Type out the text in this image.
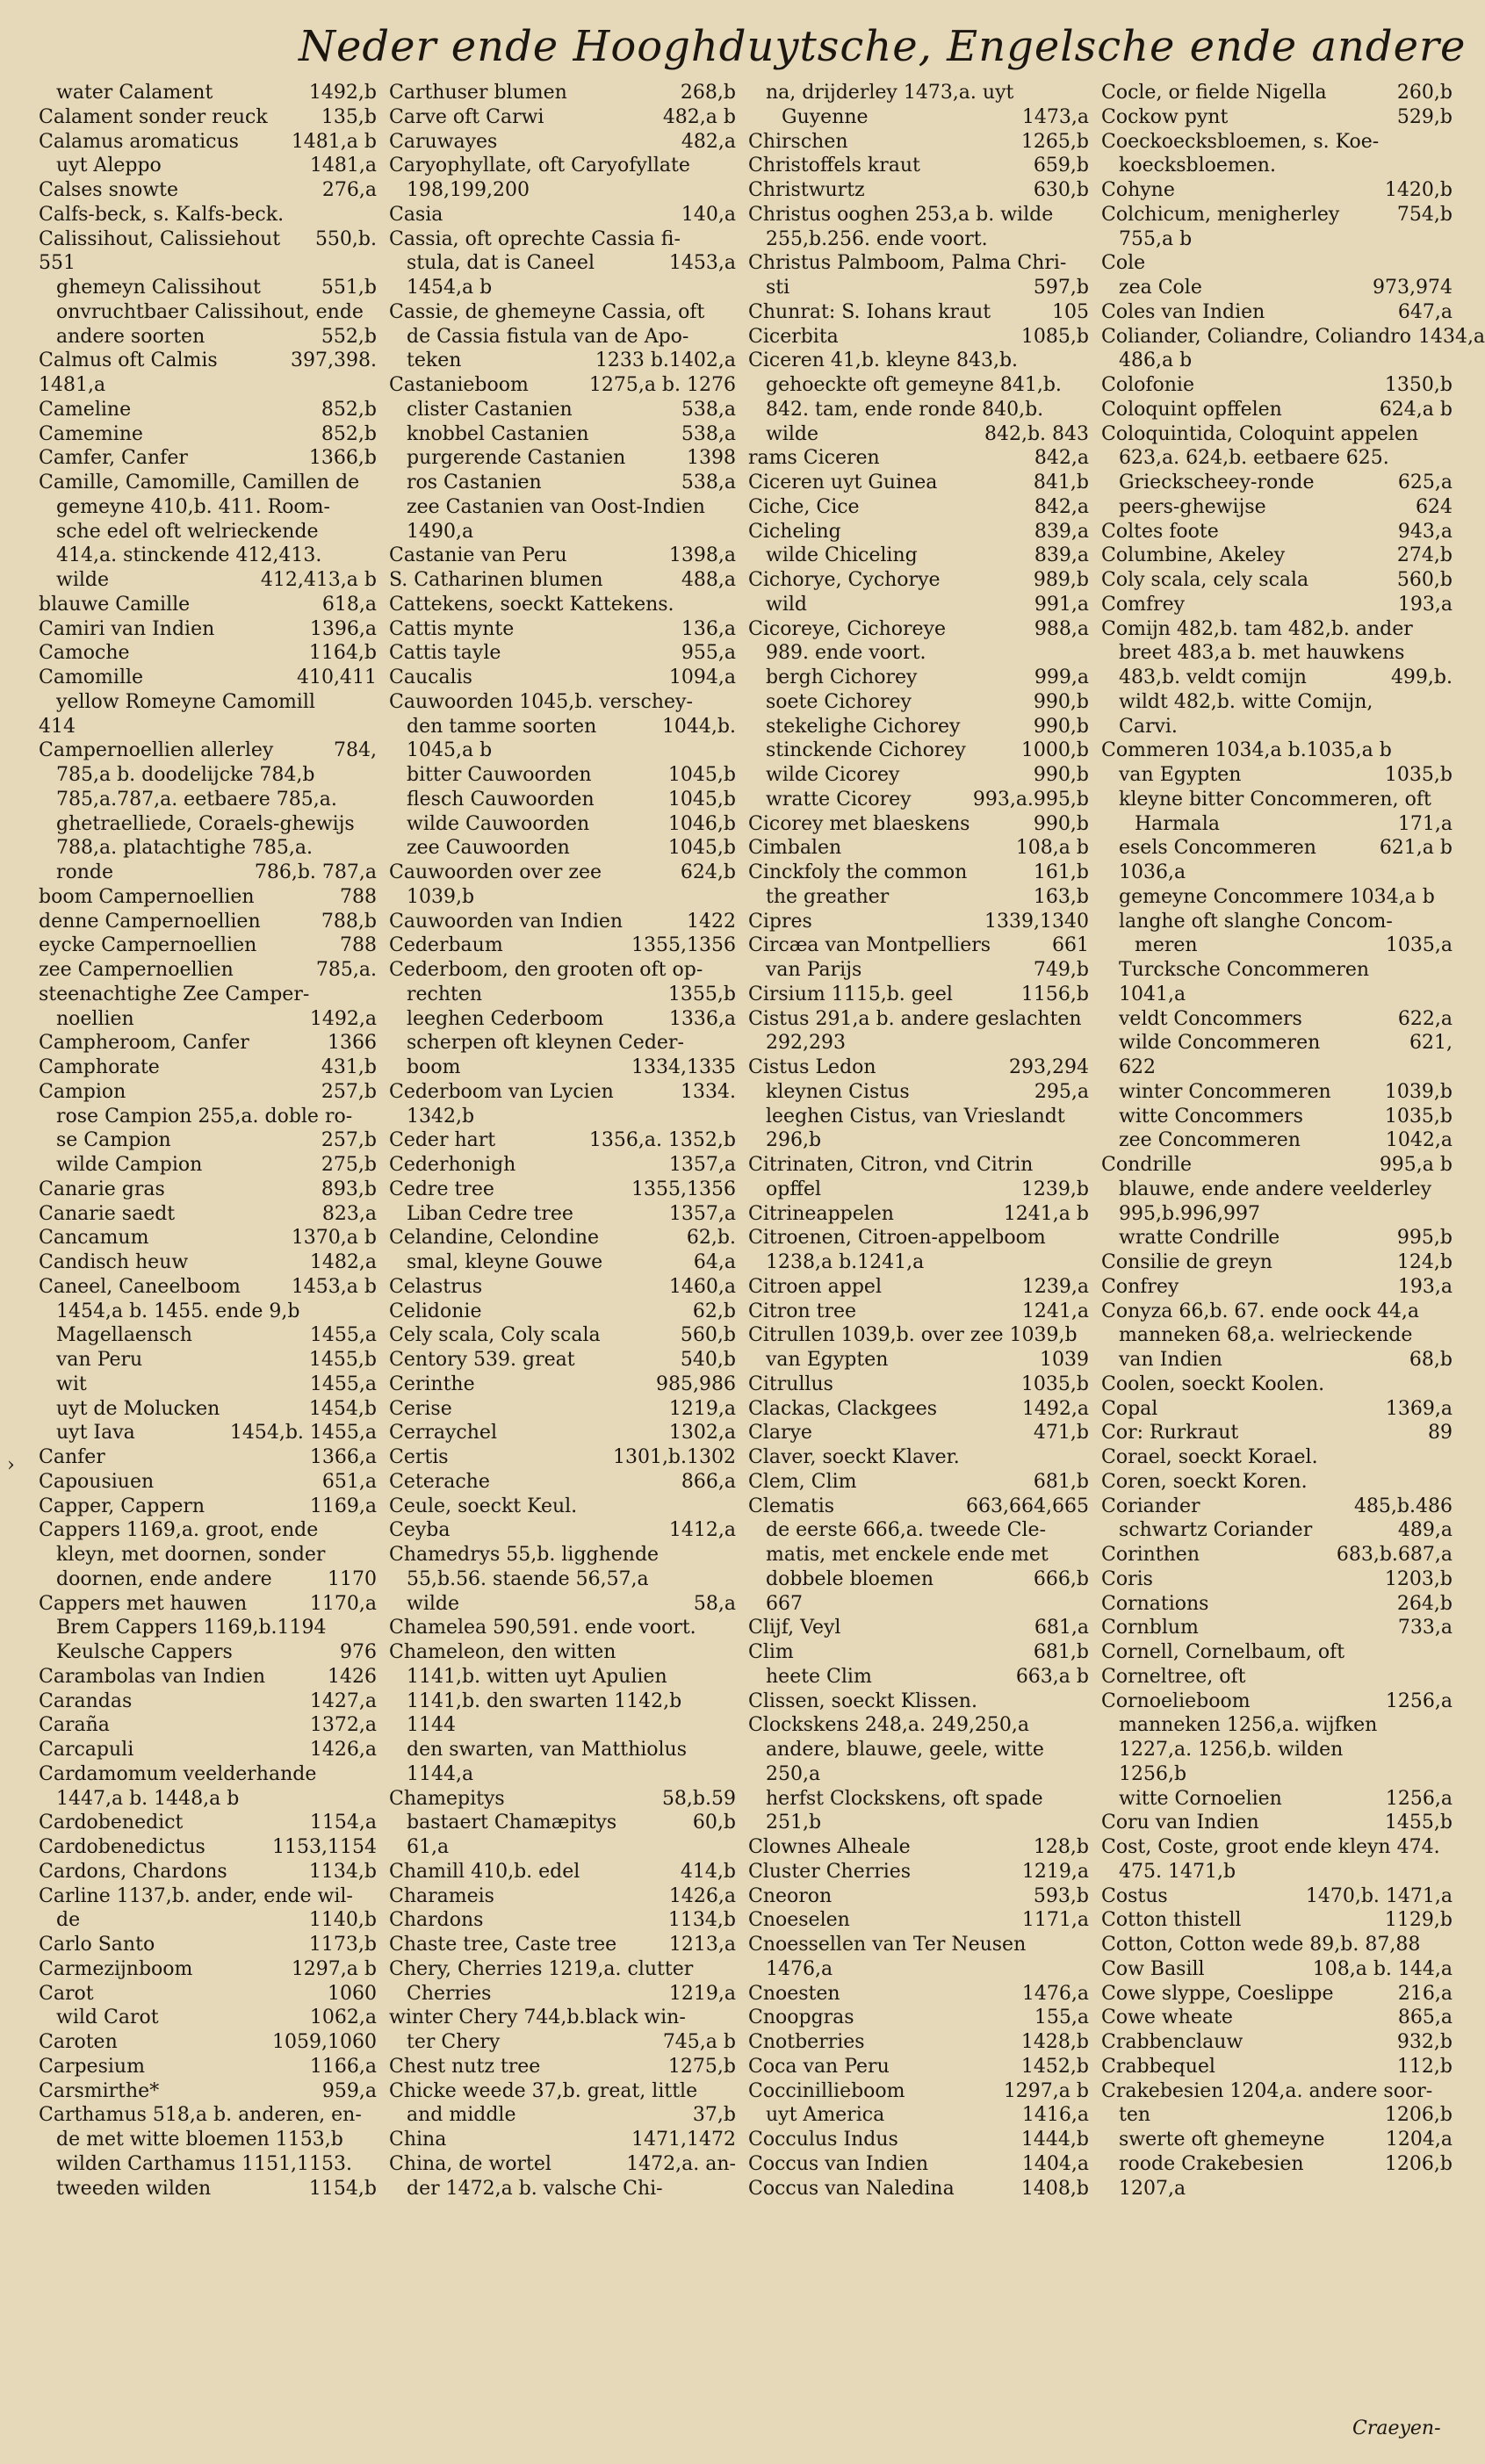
Neder ende Hooghduytsche, Engelsche ende andere
water Calament	1492,b
Calament sonder reuck	135,b
Calamus aromaticus	1481,a b
uyt Aleppo	1481,a
Calses snowte	276,a
Calfs-beck, s. Kalfs-beck.
Calissihout, Calissiehout	550,b.
551
ghemeyn Calissihout	551,b
onvruchtbaer Calissihout, ende
andere soorten	552,b
Calmus oft Calmis	397,398.
1481,a
Cameline	852,b
Camemine	852,b
Camfer, Canfer	1366,b
Camille, Camomille, Camillen de
gemeyne 410,b. 411. Room-
sche edel oft welrieckende
414,a. stinckende 412,413.
wilde	412,413,a b
blauwe Camille	618,a
Camiri van Indien	1396,a
Camoche	1164,b
Camomille	410,411
yellow Romeyne Camomill
414
Campernoellien allerley	784,
785,a b. doodelijcke 784,b
785,a.787,a. eetbaere 785,a.
ghetraelliede, Coraels-ghewijs
788,a. platachtighe 785,a.
ronde	786,b. 787,a
boom Campernoellien	788
denne Campernoellien	788,b
eycke Campernoellien	788
zee Campernoellien	785,a.
steenachtighe Zee Camper-
noellien	1492,a
Campheroom, Canfer	1366
Camphorate	431,b
Campion	257,b
rose Campion 255,a. doble ro-
se Campion	257,b
wilde Campion	275,b
Canarie gras	893,b
Canarie saedt	823,a
Cancamum	1370,a b
Candisch heuw	1482,a
Caneel, Caneelboom	1453,a b
1454,a b. 1455. ende 9,b
Magellaensch	1455,a
van Peru	1455,b
wit	1455,a
uyt de Molucken	1454,b
uyt Iava	1454,b. 1455,a
Canfer	1366,a
Capousiuen	651,a
Capper, Cappern	1169,a
Cappers 1169,a. groot, ende
kleyn, met doornen, sonder
doornen, ende andere	1170
Cappers met hauwen	1170,a
Brem Cappers 1169,b.1194
Keulsche Cappers	976
Carambolas van Indien	1426
Carandas	1427,a
Caraña	1372,a
Carcapuli	1426,a
Cardamomum veelderhande
1447,a b. 1448,a b
Cardobenedict	1154,a
Cardobenedictus	1153,1154
Cardons, Chardons	1134,b
Carline 1137,b. ander, ende wil-
de	1140,b
Carlo Santo	1173,b
Carmezijnboom	1297,a b
Carot	1060
wild Carot	1062,a
Caroten	1059,1060
Carpesium	1166,a
Carsmirthe*	959,a
Carthamus 518,a b. anderen, en-
de met witte bloemen 1153,b
wilden Carthamus 1151,1153.
tweeden wilden	1154,b
Carthuser blumen	268,b
Carve oft Carwi	482,a b
Caruwayes	482,a
Caryophyllate, oft Caryofyllate
198,199,200
Casia	140,a
Cassia, oft oprechte Cassia fi-
stula, dat is Caneel	1453,a
1454,a b
Cassie, de ghemeyne Cassia, oft
de Cassia fistula van de Apo-
teken	1233 b.1402,a
Castanieboom	1275,a b. 1276
clister Castanien	538,a
knobbel Castanien	538,a
purgerende Castanien	1398
ros Castanien	538,a
zee Castanien van Oost-Indien
1490,a
Castanie van Peru	1398,a
S. Catharinen blumen	488,a
Cattekens, soeckt Kattekens.
Cattis mynte	136,a
Cattis tayle	955,a
Caucalis	1094,a
Cauwoorden 1045,b. verschey-
den tamme soorten	1044,b.
1045,a b
bitter Cauwoorden	1045,b
flesch Cauwoorden	1045,b
wilde Cauwoorden	1046,b
zee Cauwoorden	1045,b
Cauwoorden over zee	624,b
1039,b
Cauwoorden van Indien	1422
Cederbaum	1355,1356
Cederboom, den grooten oft op-
rechten	1355,b
leeghen Cederboom	1336,a
scherpen oft kleynen Ceder-
boom	1334,1335
Cederboom van Lycien	1334.
1342,b
Ceder hart	1356,a. 1352,b
Cederhonigh	1357,a
Cedre tree	1355,1356
Liban Cedre tree	1357,a
Celandine, Celondine	62,b.
smal, kleyne Gouwe	64,a
Celastrus	1460,a
Celidonie	62,b
Cely scala, Coly scala	560,b
Centory 539. great	540,b
Cerinthe	985,986
Cerise	1219,a
Cerraychel	1302,a
Certis	1301,b.1302
Ceterache	866,a
Ceule, soeckt Keul.
Ceyba	1412,a
Chamedrys 55,b. ligghende
55,b.56. staende 56,57,a
wilde	58,a
Chamelea 590,591. ende voort.
Chameleon, den witten
1141,b. witten uyt Apulien
1141,b. den swarten 1142,b
1144
den swarten, van Matthiolus
1144,a
Chamepitys	58,b.59
bastaert Chamæpitys	60,b
61,a
Chamill 410,b. edel	414,b
Charameis	1426,a
Chardons	1134,b
Chaste tree, Caste tree	1213,a
Chery, Cherries 1219,a. clutter
Cherries	1219,a
winter Chery 744,b.black win-
ter Chery	745,a b
Chest nutz tree	1275,b
Chicke weede 37,b. great, little
and middle	37,b
China	1471,1472
China, de wortel	1472,a. an-
der 1472,a b. valsche Chi-
na, drijderley 1473,a. uyt
Guyenne	1473,a
Chirschen	1265,b
Christoffels kraut	659,b
Christwurtz	630,b
Christus ooghen 253,a b. wilde
255,b.256. ende voort.
Christus Palmboom, Palma Chri-
sti	597,b
Chunrat: S. Iohans kraut	105
Cicerbita	1085,b
Ciceren 41,b. kleyne 843,b.
gehoeckte oft gemeyne 841,b.
842. tam, ende ronde 840,b.
wilde	842,b. 843
rams Ciceren	842,a
Ciceren uyt Guinea	841,b
Ciche, Cice	842,a
Cicheling	839,a
wilde Chiceling	839,a
Cichorye, Cychorye	989,b
wild	991,a
Cicoreye, Cichoreye	988,a
989. ende voort.
bergh Cichorey	999,a
soete Cichorey	990,b
stekelighe Cichorey	990,b
stinckende Cichorey	1000,b
wilde Cicorey	990,b
wratte Cicorey	993,a.995,b
Cicorey met blaeskens	990,b
Cimbalen	108,a b
Cinckfoly the common	161,b
the greather	163,b
Cipres	1339,1340
Circæa van Montpelliers	661
van Parijs	749,b
Cirsium 1115,b. geel	1156,b
Cistus 291,a b. andere geslachten
292,293
Cistus Ledon	293,294
kleynen Cistus	295,a
leeghen Cistus, van Vrieslandt
296,b
Citrinaten, Citron, vnd Citrin
opffel	1239,b
Citrineappelen	1241,a b
Citroenen, Citroen-appelboom
1238,a b.1241,a
Citroen appel	1239,a
Citron tree	1241,a
Citrullen 1039,b. over zee 1039,b
van Egypten	1039
Citrullus	1035,b
Clackas, Clackgees	1492,a
Clarye	471,b
Claver, soeckt Klaver.
Clem, Clim	681,b
Clematis	663,664,665
de eerste 666,a. tweede Cle-
matis, met enckele ende met
dobbele bloemen	666,b
667
Clijf, Veyl	681,a
Clim	681,b
heete Clim	663,a b
Clissen, soeckt Klissen.
Clockskens 248,a. 249,250,a
andere, blauwe, geele, witte
250,a
herfst Clockskens, oft spade
251,b
Clownes Alheale	128,b
Cluster Cherries	1219,a
Cneoron	593,b
Cnoeselen	1171,a
Cnoessellen van Ter Neusen
1476,a
Cnoesten	1476,a
Cnoopgras	155,a
Cnotberries	1428,b
Coca van Peru	1452,b
Coccinillieboom	1297,a b
uyt America	1416,a
Cocculus Indus	1444,b
Coccus van Indien	1404,a
Coccus van Naledina	1408,b
Cocle, or fielde Nigella	260,b
Cockow pynt	529,b
Coeckoecksbloemen, s. Koe-
koecksbloemen.
Cohyne	1420,b
Colchicum, menigherley	754,b
755,a b
Cole
zea Cole	973,974
Coles van Indien	647,a
Coliander, Coliandre, Coliandro 1434,a
486,a b
Colofonie	1350,b
Coloquint opffelen	624,a b
Coloquintida, Coloquint appelen
623,a. 624,b. eetbaere 625.
Grieckscheey-ronde	625,a
peers-ghewijse	624
Coltes foote	943,a
Columbine, Akeley	274,b
Coly scala, cely scala	560,b
Comfrey	193,a
Comijn 482,b. tam 482,b. ander
breet 483,a b. met hauwkens
483,b. veldt comijn	499,b.
wildt 482,b. witte Comijn,
Carvi.
Commeren 1034,a b.1035,a b
van Egypten	1035,b
kleyne bitter Concommeren, oft
Harmala	171,a
esels Concommeren	621,a b
1036,a
gemeyne Concommere 1034,a b
langhe oft slanghe Concom-
meren	1035,a
Turcksche Concommeren
1041,a
veldt Concommers	622,a
wilde Concommeren	621,
622
winter Concommeren	1039,b
witte Concommers	1035,b
zee Concommeren	1042,a
Condrille	995,a b
blauwe, ende andere veelderley
995,b.996,997
wratte Condrille	995,b
Consilie de greyn	124,b
Confrey	193,a
Conyza 66,b. 67. ende oock 44,a
manneken 68,a. welrieckende
van Indien	68,b
Coolen, soeckt Koolen.
Copal	1369,a
Cor: Rurkraut	89
Corael, soeckt Korael.
Coren, soeckt Koren.
Coriander	485,b.486
schwartz Coriander	489,a
Corinthen	683,b.687,a
Coris	1203,b
Cornations	264,b
Cornblum	733,a
Cornell, Cornelbaum, oft
Corneltree, oft
Cornoelieboom	1256,a
manneken 1256,a. wijfken
1227,a. 1256,b. wilden
1256,b
witte Cornoelien	1256,a
Coru van Indien	1455,b
Cost, Coste, groot ende kleyn 474.
475. 1471,b
Costus	1470,b. 1471,a
Cotton thistell	1129,b
Cotton, Cotton wede 89,b. 87,88
Cow Basill	108,a b. 144,a
Cowe slyppe, Coeslippe	216,a
Cowe wheate	865,a
Crabbenclauw	932,b
Crabbequel	112,b
Crakebesien 1204,a. andere soor-
ten	1206,b
swerte oft ghemeyne	1204,a
roode Crakebesien	1206,b
1207,a
›
Craeyen-
